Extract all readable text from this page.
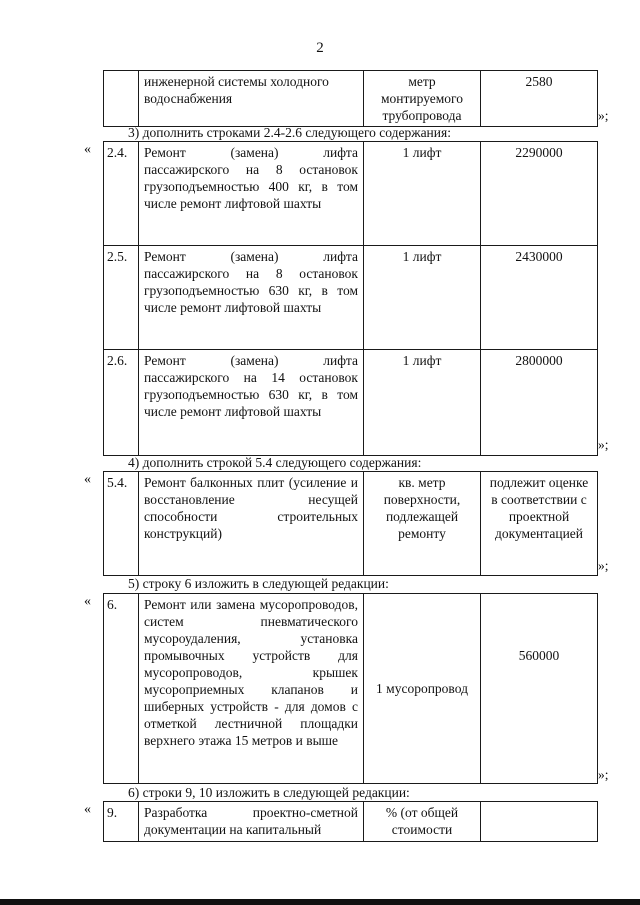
2
	инженерной системы холодного водоснабжения	метр монтируемого трубопровода	2580
»;
3) дополнить строками 2.4-2.6 следующего содержания:
« 2.4.	Ремонт (замена) лифта пассажирского на 8 остановок грузоподъемностью 400 кг, в том числе ремонт лифтовой шахты	1 лифт	2290000
2.5.	Ремонт (замена) лифта пассажирского на 8 остановок грузоподъемностью 630 кг, в том числе ремонт лифтовой шахты	1 лифт	2430000
2.6.	Ремонт (замена) лифта пассажирского на 14 остановок грузоподъемностью 630 кг, в том числе ремонт лифтовой шахты	1 лифт	2800000
»;
4) дополнить строкой 5.4 следующего содержания:
« 5.4.	Ремонт балконных плит (усиление и восстановление несущей способности строительных конструкций)	кв. метр поверхности, подлежащей ремонту	подлежит оценке в соответствии с проектной документацией
»;
5) строку 6 изложить в следующей редакции:
« 6.	Ремонт или замена мусоропроводов, систем пневматического мусороудаления, установка промывочных устройств для мусоропроводов, крышек мусороприемных клапанов и шиберных устройств - для домов с отметкой лестничной площадки верхнего этажа 15 метров и выше	1 мусоропровод	560000
»;
6) строки 9, 10 изложить в следующей редакции:
« 9.	Разработка проектно-сметной документации на капитальный	% (от общей стоимости	
